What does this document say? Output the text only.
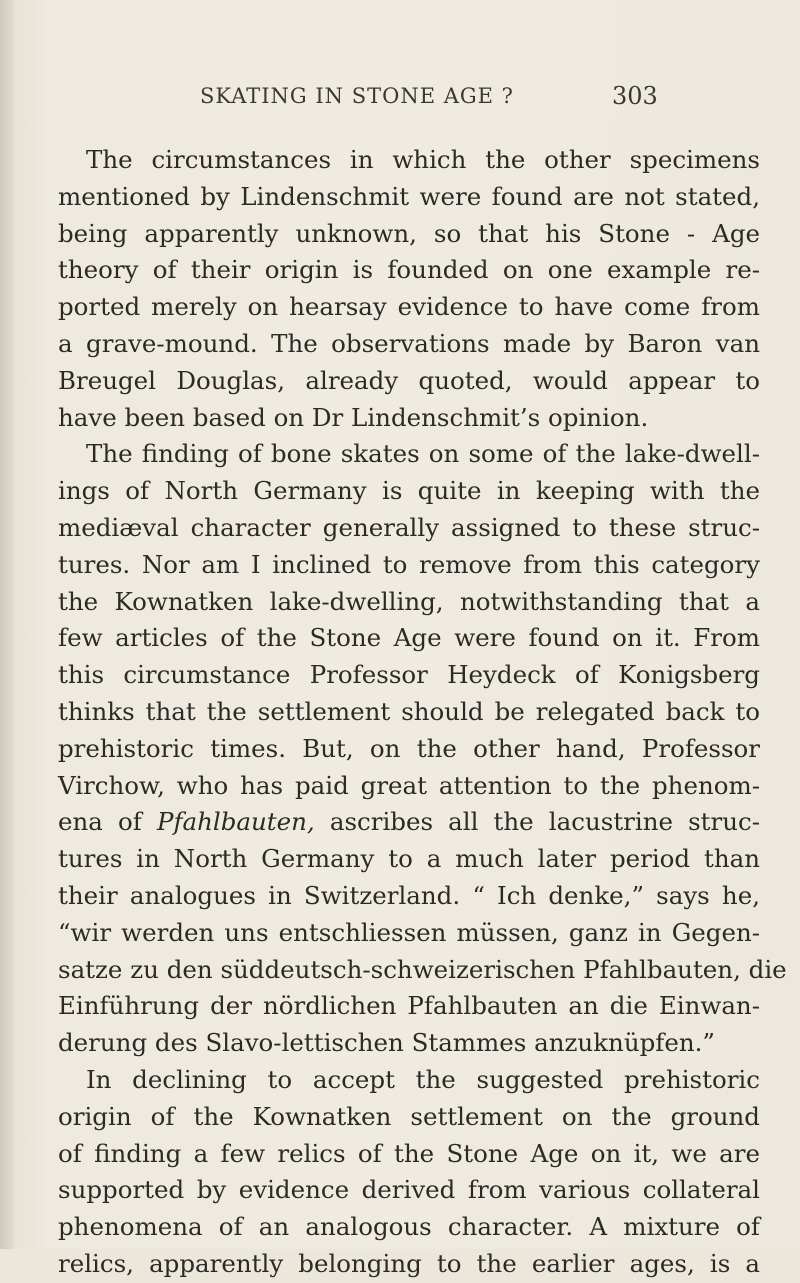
SKATING IN STONE AGE ?	303
The circumstances in which the other specimens
mentioned by Lindenschmit were found are not stated,
being apparently unknown, so that his Stone - Age
theory of their origin is founded on one example re-
ported merely on hearsay evidence to have come from
a grave-mound. The observations made by Baron van
Breugel Douglas, already quoted, would appear to
have been based on Dr Lindenschmit’s opinion.
The finding of bone skates on some of the lake-dwell-
ings of North Germany is quite in keeping with the
mediæval character generally assigned to these struc-
tures. Nor am I inclined to remove from this category
the Kownatken lake-dwelling, notwithstanding that a
few articles of the Stone Age were found on it. From
this circumstance Professor Heydeck of Konigsberg
thinks that the settlement should be relegated back to
prehistoric times. But, on the other hand, Professor
Virchow, who has paid great attention to the phenom-
ena of Pfahlbauten, ascribes all the lacustrine struc-
tures in North Germany to a much later period than
their analogues in Switzerland. “ Ich denke,” says he,
“wir werden uns entschliessen müssen, ganz in Gegen-
satze zu den süddeutsch-schweizerischen Pfahlbauten, die
Einführung der nördlichen Pfahlbauten an die Einwan-
derung des Slavo-lettischen Stammes anzuknüpfen.”
In declining to accept the suggested prehistoric
origin of the Kownatken settlement on the ground
of finding a few relics of the Stone Age on it, we are
supported by evidence derived from various collateral
phenomena of an analogous character. A mixture of
relics, apparently belonging to the earlier ages, is a
